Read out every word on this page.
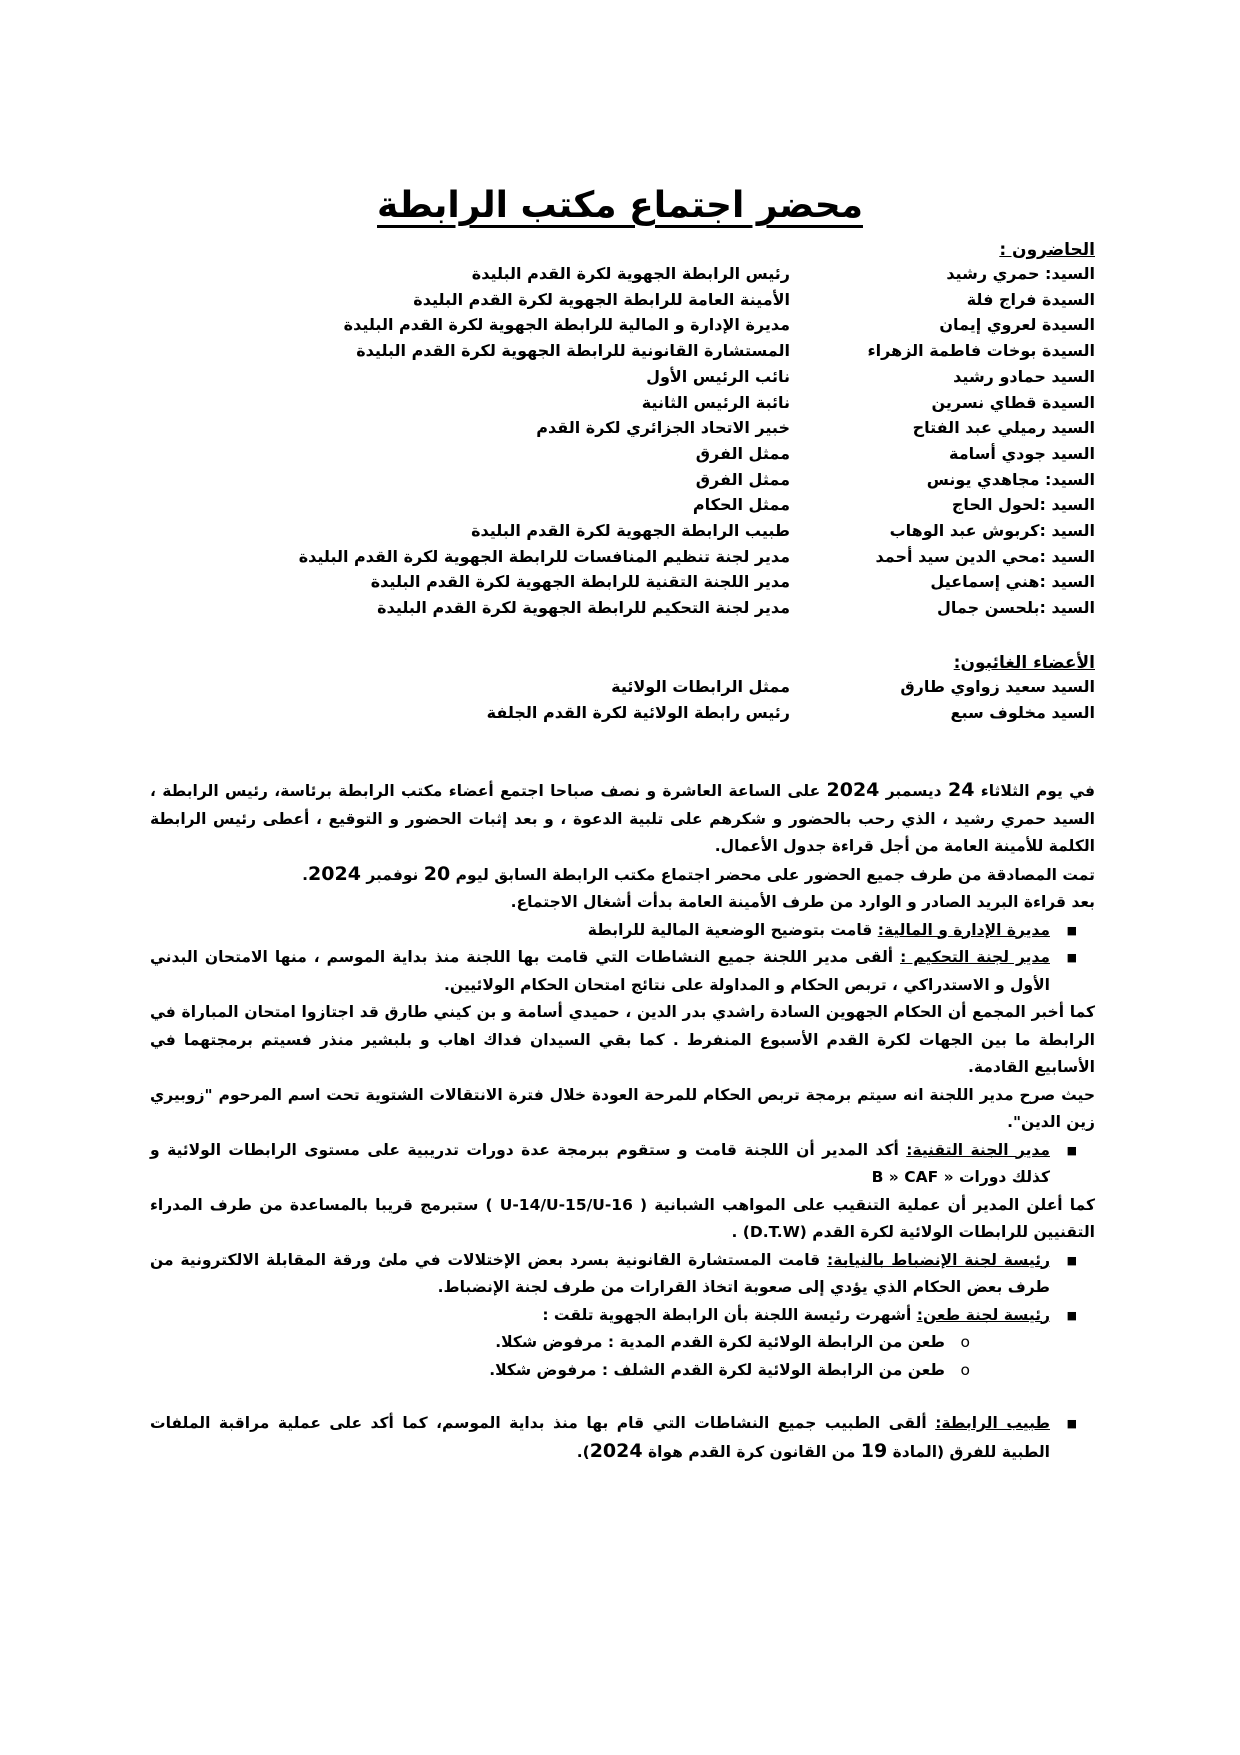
محضر اجتماع مكتب الرابطة
الحاضرون :
السيد: حمري رشيد
رئيس الرابطة الجهوية لكرة القدم البليدة
السيدة فراج فلة
الأمينة العامة للرابطة الجهوية لكرة القدم البليدة
السيدة لعروي إيمان
مديرة الإدارة و المالية للرابطة الجهوية لكرة القدم البليدة
السيدة بوخات فاطمة الزهراء
المستشارة القانونية للرابطة الجهوية لكرة القدم البليدة
السيد حمادو رشيد
نائب الرئيس الأول
السيدة قطاي نسرين
نائبة الرئيس الثانية
السيد رميلي عبد الفتاح
خبير الاتحاد الجزائري لكرة القدم
السيد جودي أسامة
ممثل الفرق
السيد: مجاهدي يونس
ممثل الفرق
السيد :لحول الحاج
ممثل الحكام
السيد :كربوش عبد الوهاب
طبيب الرابطة الجهوية لكرة القدم البليدة
السيد :محي الدين سيد أحمد
مدير لجنة تنظيم المنافسات للرابطة الجهوية لكرة القدم البليدة
السيد :هني إسماعيل
مدير اللجنة التقنية للرابطة الجهوية لكرة القدم البليدة
السيد :بلحسن جمال
مدير لجنة التحكيم للرابطة الجهوية لكرة القدم البليدة
الأعضاء الغائبون:
السيد سعيد زواوي طارق
ممثل الرابطات الولائية
السيد مخلوف سبع
رئيس رابطة الولائية لكرة القدم الجلفة

في يوم الثلاثاء 24 ديسمبر 2024 على الساعة العاشرة و نصف صباحا اجتمع أعضاء مكتب الرابطة برئاسة، رئيس الرابطة ، السيد حمري رشيد ، الذي رحب بالحضور و شكرهم على تلبية الدعوة ، و بعد إثبات الحضور و التوقيع ، أعطى رئيس الرابطة الكلمة للأمينة العامة من أجل قراءة جدول الأعمال.

تمت المصادقة من طرف جميع الحضور على محضر اجتماع مكتب الرابطة السابق ليوم 20 نوفمبر 2024.

بعد قراءة البريد الصادر و الوارد من طرف الأمينة العامة بدأت أشغال الاجتماع.

■
مديرة الإدارة و المالية: قامت بتوضيح الوضعية المالية للرابطة

■
مدير لجنة التحكيم : ألقى مدير اللجنة جميع النشاطات التي قامت بها اللجنة منذ بداية الموسم ، منها الامتحان البدني الأول و الاستدراكي ، تربص الحكام و المداولة على نتائج امتحان الحكام الولائيين.

كما أخبر المجمع أن الحكام الجهوين السادة راشدي بدر الدين ، حميدي أسامة و بن كيني طارق قد اجتازوا امتحان المباراة في الرابطة ما بين الجهات لكرة القدم الأسبوع المنفرط . كما بقي السيدان فداك اهاب و بلبشير منذر فسيتم برمجتهما في الأسابيع القادمة.

حيث صرح مدير اللجنة انه سيتم برمجة تربص الحكام للمرحة العودة خلال فترة الانتقالات الشتوية تحت اسم المرحوم "زوبيري زين الدين".

■
مدير الجنة التقنية: أكد المدير أن اللجنة قامت و ستقوم ببرمجة عدة دورات تدريبية على مستوى الرابطات الولائية و كذلك دورات « B » CAF

كما أعلن المدير أن عملية التنقيب على المواهب الشبانية ( U-14/U-15/U-16 ) ستبرمج قريبا بالمساعدة من طرف المدراء التقنيين للرابطات الولائية لكرة القدم (D.T.W) .

■
رئيسة لجنة الإنضباط بالنيابة: قامت المستشارة القانونية بسرد بعض الإختلالات في ملئ ورقة المقابلة الالكترونية من طرف بعض الحكام الذي يؤدي إلى صعوبة اتخاذ القرارات من طرف لجنة الإنضباط.

■
رئيسة لجنة طعن: أشهرت رئيسة اللجنة بأن الرابطة الجهوية تلقت :

o
طعن من الرابطة الولائية لكرة القدم المدية : مرفوض شكلا.

o
طعن من الرابطة الولائية لكرة القدم الشلف : مرفوض شكلا.

■
طبيب الرابطة: ألقى الطبيب جميع النشاطات التي قام بها منذ بداية الموسم، كما أكد على عملية مراقبة الملفات الطبية للفرق (المادة 19 من القانون كرة القدم هواة 2024).
